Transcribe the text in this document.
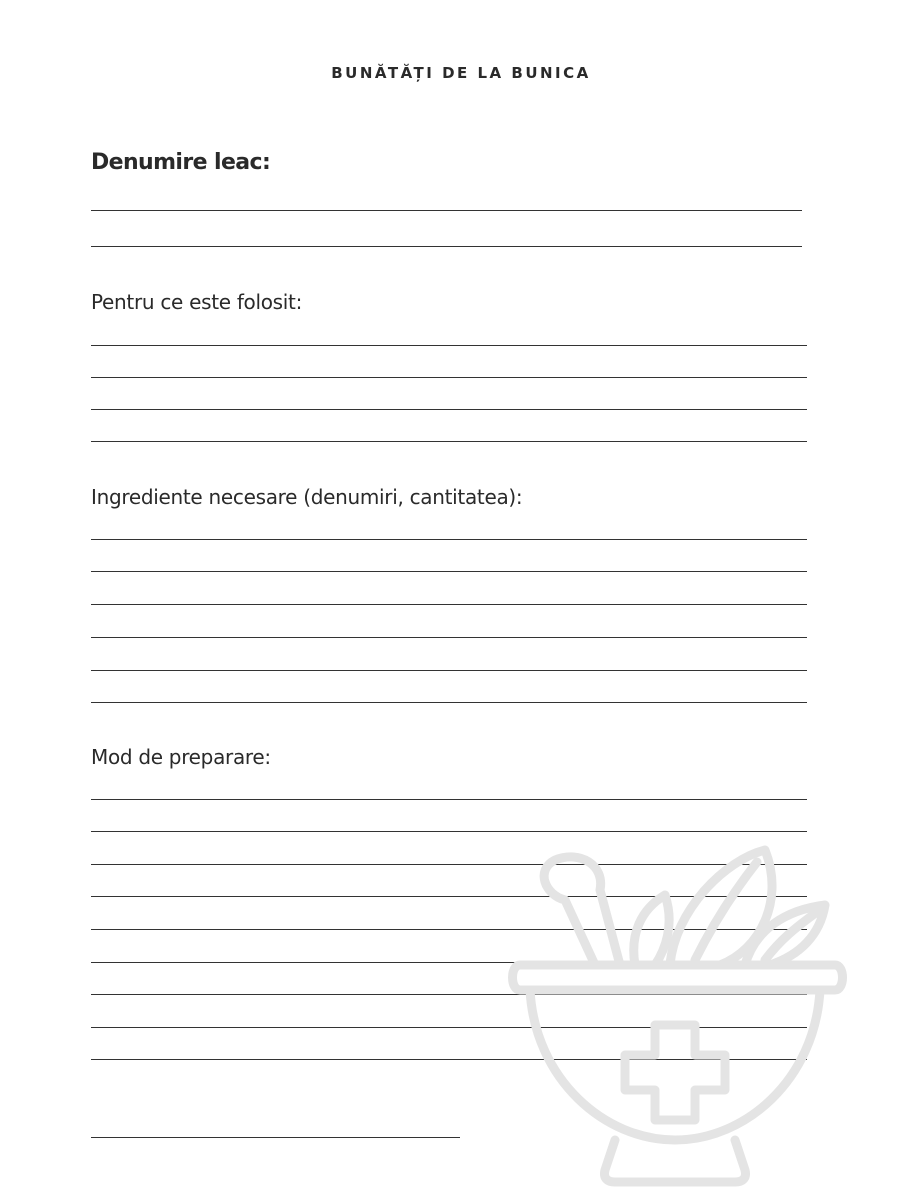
BUNĂTĂȚI DE LA BUNICA
Denumire leac:
Pentru ce este folosit:
Ingrediente necesare (denumiri, cantitatea):
Mod de preparare:
